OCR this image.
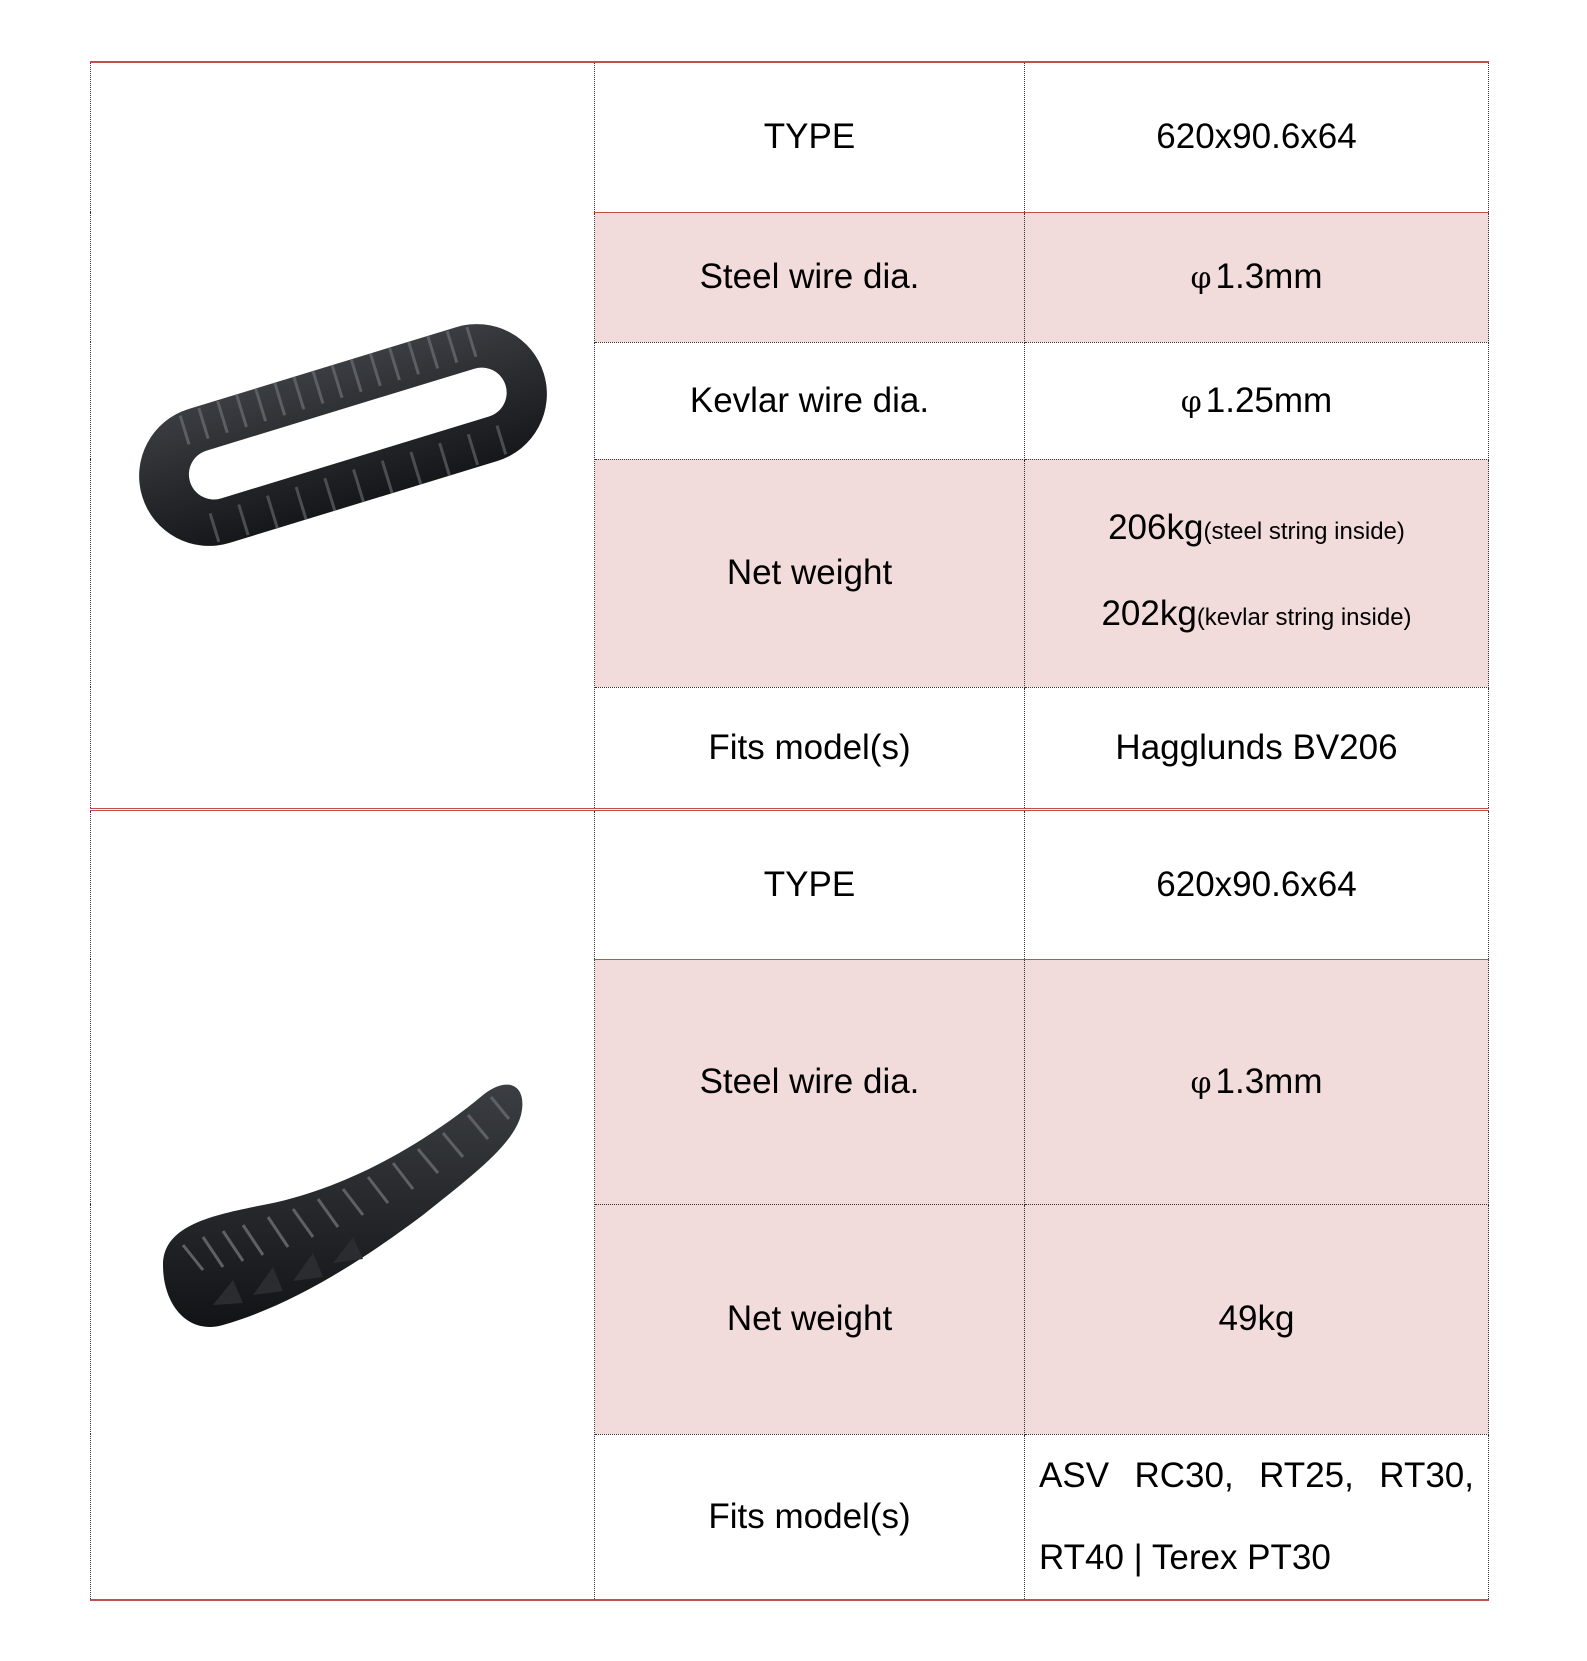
	TYPE	620x90.6x64
	Steel wire dia.	φ 1.3mm
	Kevlar wire dia.	φ 1.25mm
	Net weight	206kg(steel string inside)
202kg(kevlar string inside)

	Fits model(s)	Hagglunds BV206

	TYPE	620x90.6x64
	Steel wire dia.	φ 1.3mm
	Net weight	49kg
	Fits model(s)	ASV RC30, RT25, RT30,
RT40 | Terex PT30
